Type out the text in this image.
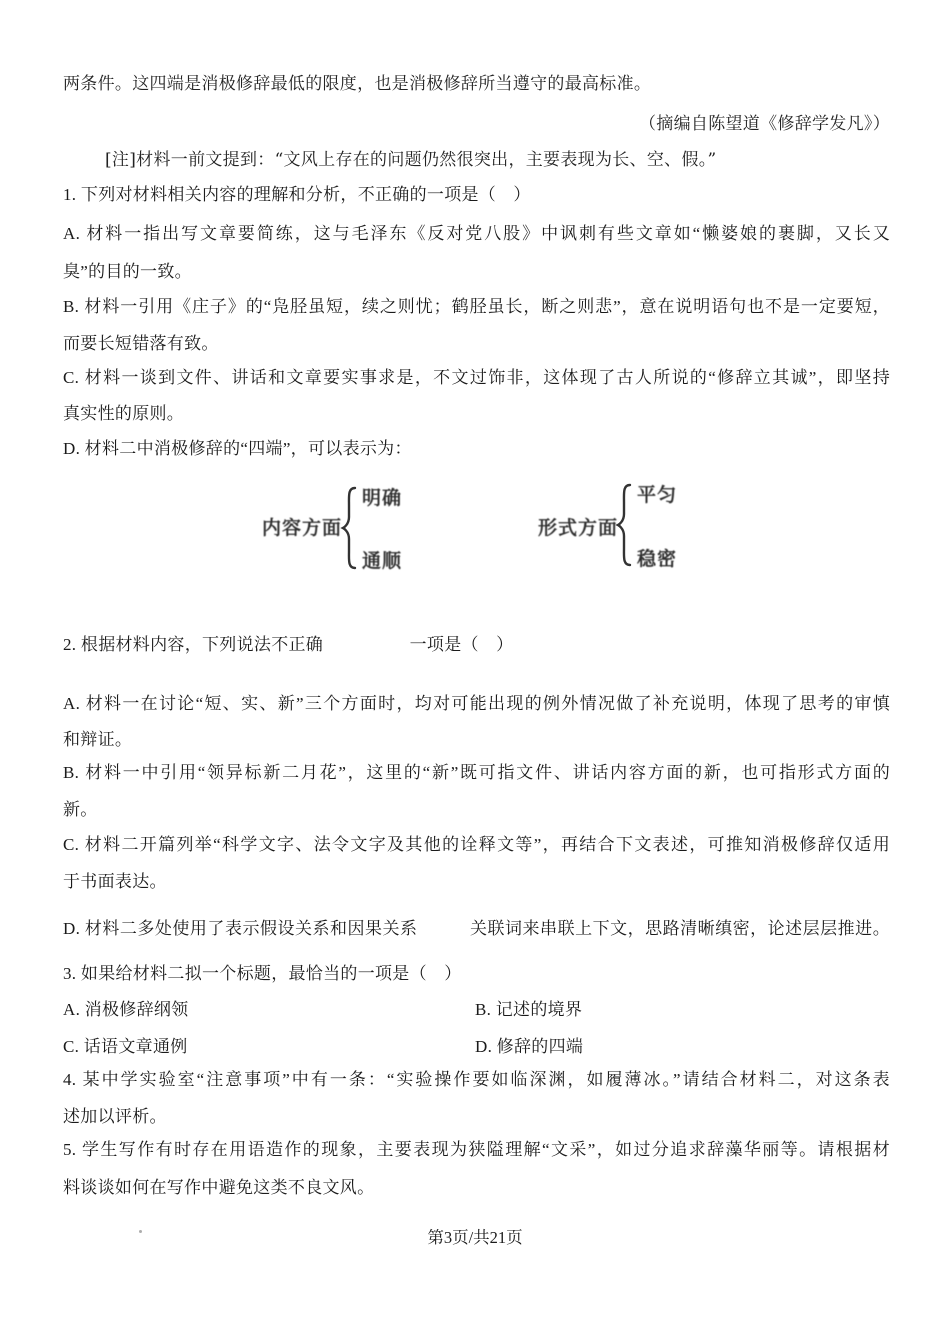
两条件。这四端是消极修辞最低的限度，也是消极修辞所当遵守的最高标准。
（摘编自陈望道《修辞学发凡》）
[注]材料一前文提到：“文风上存在的问题仍然很突出，主要表现为长、空、假。”
1. 下列对材料相关内容的理解和分析，不正确的一项是（　）
A. 材料一指出写文章要简练，这与毛泽东《反对党八股》中讽刺有些文章如“懒婆娘的裹脚，又长又
臭”的目的一致。
B. 材料一引用《庄子》的“凫胫虽短，续之则忧；鹤胫虽长，断之则悲”，意在说明语句也不是一定要短，
而要长短错落有致。
C. 材料一谈到文件、讲话和文章要实事求是，不文过饰非，这体现了古人所说的“修辞立其诚”，即坚持
真实性的原则。
D. 材料二中消极修辞的“四端”，可以表示为：
内容方面
明确
通顺
形式方面
平匀
稳密
2. 根据材料内容，下列说法不正确　　　　　一项是（　）
A. 材料一在讨论“短、实、新”三个方面时，均对可能出现的例外情况做了补充说明，体现了思考的审慎
和辩证。
B. 材料一中引用“领异标新二月花”，这里的“新”既可指文件、讲话内容方面的新，也可指形式方面的
新。
C. 材料二开篇列举“科学文字、法令文字及其他的诠释文等”，再结合下文表述，可推知消极修辞仅适用
于书面表达。
D. 材料二多处使用了表示假设关系和因果关系　　　关联词来串联上下文，思路清晰缜密，论述层层推进。
3. 如果给材料二拟一个标题，最恰当的一项是（　）
A. 消极修辞纲领	B. 记述的境界
C. 话语文章通例	D. 修辞的四端
4. 某中学实验室“注意事项”中有一条：“实验操作要如临深渊，如履薄冰。”请结合材料二，对这条表
述加以评析。
5. 学生写作有时存在用语造作的现象，主要表现为狭隘理解“文采”，如过分追求辞藻华丽等。请根据材
料谈谈如何在写作中避免这类不良文风。
第3页/共21页
